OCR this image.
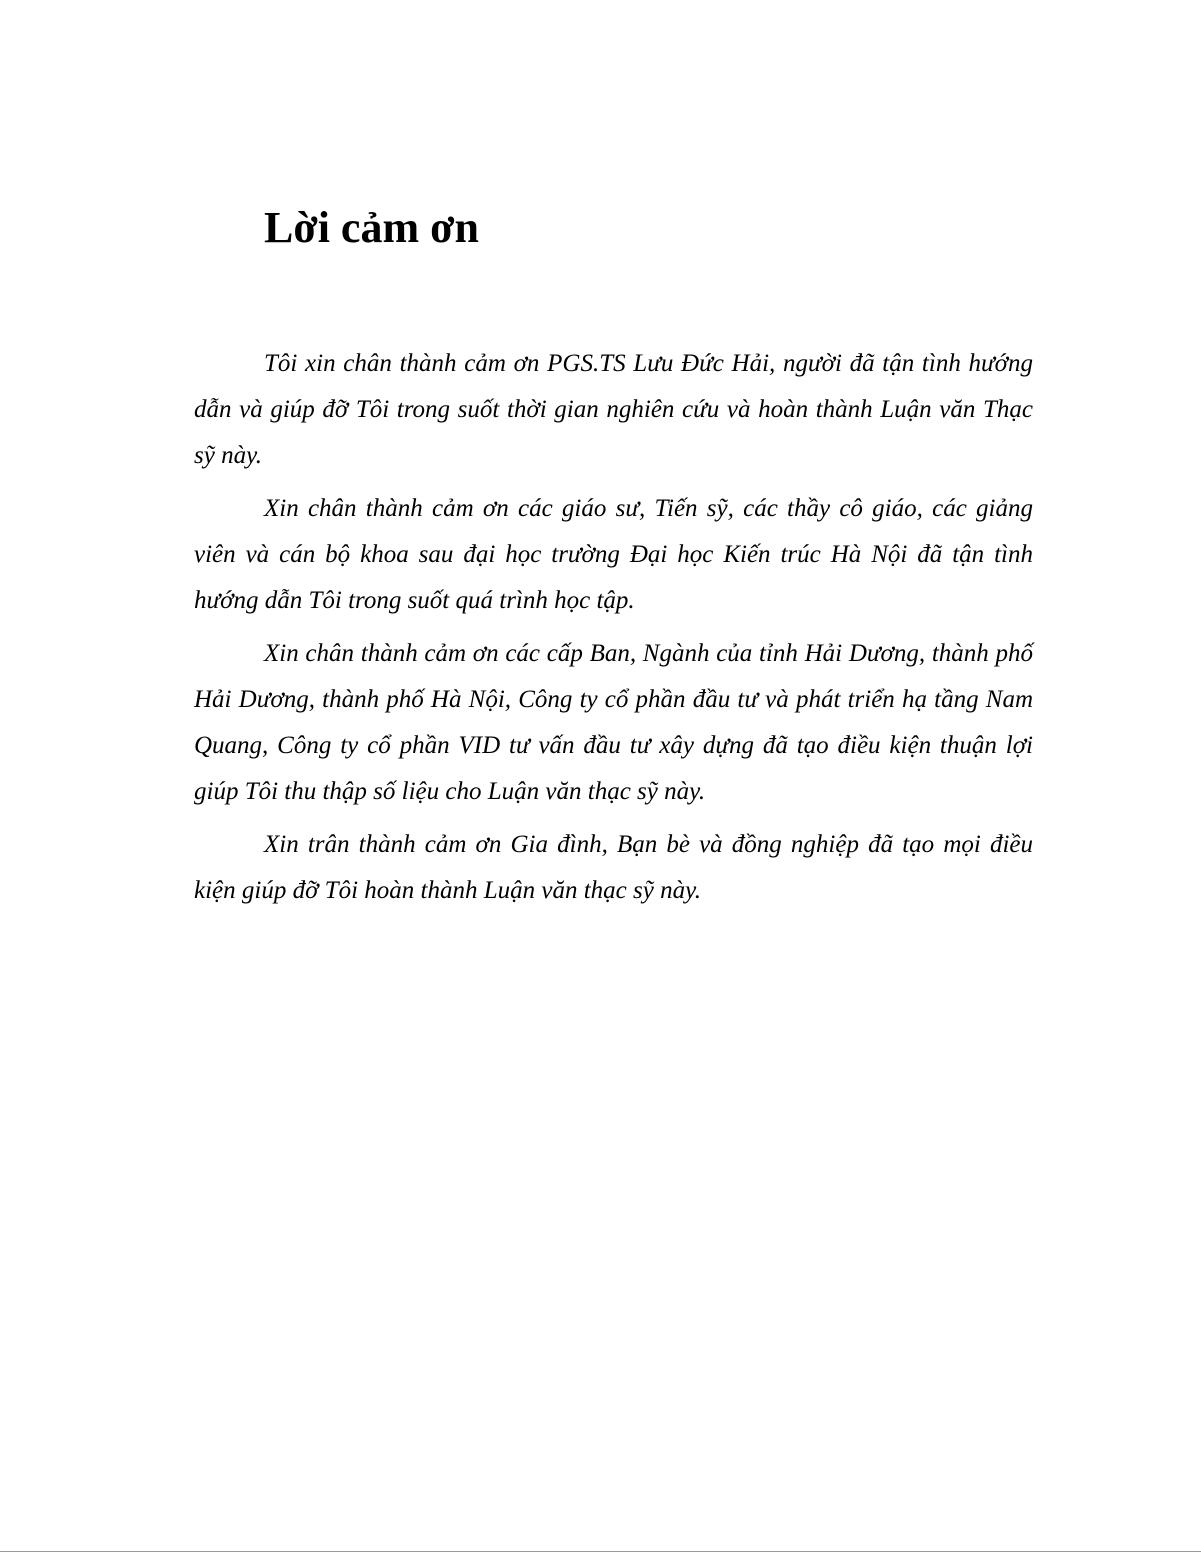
Lời cảm ơn

Tôi xin chân thành cảm ơn PGS.TS Lưu Đức Hải, người đã tận tình hướng dẫn và giúp đỡ Tôi trong suốt thời gian nghiên cứu và hoàn thành Luận văn Thạc sỹ này.

Xin chân thành cảm ơn các giáo sư, Tiến sỹ, các thầy cô giáo, các giảng viên và cán bộ khoa sau đại học trường Đại học Kiến trúc Hà Nội đã tận tình hướng dẫn Tôi trong suốt quá trình học tập.

Xin chân thành cảm ơn các cấp Ban, Ngành của tỉnh Hải Dương, thành phố Hải Dương, thành phố Hà Nội, Công ty cổ phần đầu tư và phát triển hạ tầng Nam Quang, Công ty cổ phần VID tư vấn đầu tư xây dựng đã tạo điều kiện thuận lợi giúp Tôi thu thập số liệu cho Luận văn thạc sỹ này.

Xin trân thành cảm ơn Gia đình, Bạn bè và đồng nghiệp đã tạo mọi điều kiện giúp đỡ Tôi hoàn thành Luận văn thạc sỹ này.
